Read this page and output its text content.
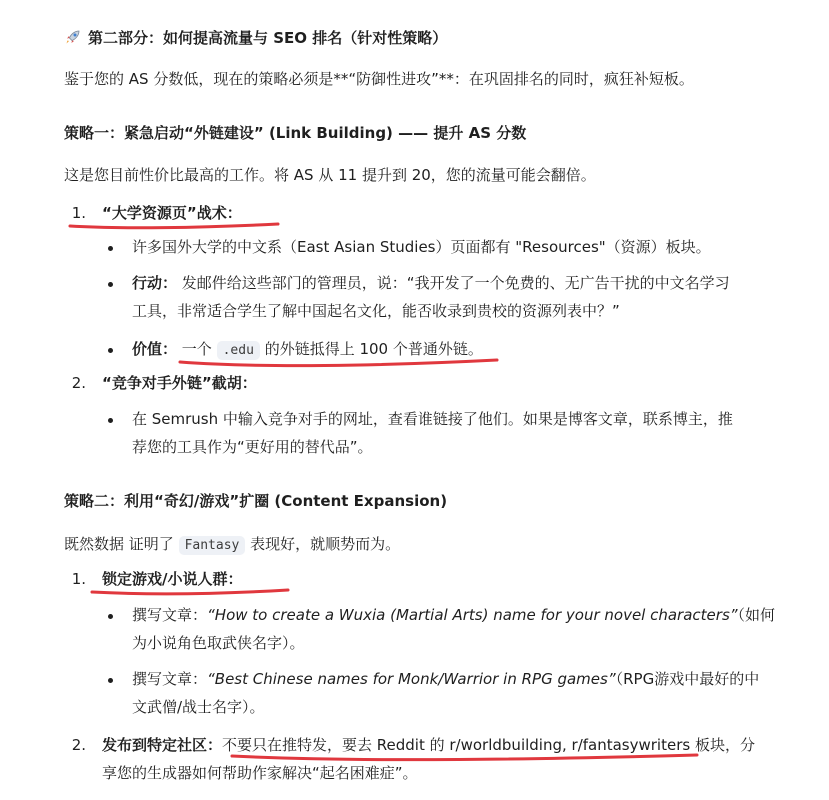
第二部分：如何提高流量与 SEO 排名（针对性策略）
鉴于您的 AS 分数低，现在的策略必须是**“防御性进攻”**：在巩固排名的同时，疯狂补短板。
策略一：紧急启动“外链建设” (Link Building) —— 提升 AS 分数
这是您目前性价比最高的工作。将 AS 从 11 提升到 20，您的流量可能会翻倍。
1. “大学资源页”战术：
许多国外大学的中文系（East Asian Studies）页面都有 "Resources"（资源）板块。
行动： 发邮件给这些部门的管理员，说：“我开发了一个免费的、无广告干扰的中文名学习
工具，非常适合学生了解中国起名文化，能否收录到贵校的资源列表中？”
价值： 一个 .edu 的外链抵得上 100 个普通外链。
2. “竞争对手外链”截胡：
在 Semrush 中输入竞争对手的网址，查看谁链接了他们。如果是博客文章，联系博主，推
荐您的工具作为“更好用的替代品”。
策略二：利用“奇幻/游戏”扩圈 (Content Expansion)
既然数据 证明了 Fantasy 表现好，就顺势而为。
1. 锁定游戏/小说人群：
撰写文章：“How to create a Wuxia (Martial Arts) name for your novel characters”（如何
为小说角色取武侠名字）。
撰写文章：“Best Chinese names for Monk/Warrior in RPG games”（RPG游戏中最好的中
文武僧/战士名字）。
2. 发布到特定社区：不要只在推特发，要去 Reddit 的 r/worldbuilding, r/fantasywriters 板块，分
享您的生成器如何帮助作家解决“起名困难症”。
